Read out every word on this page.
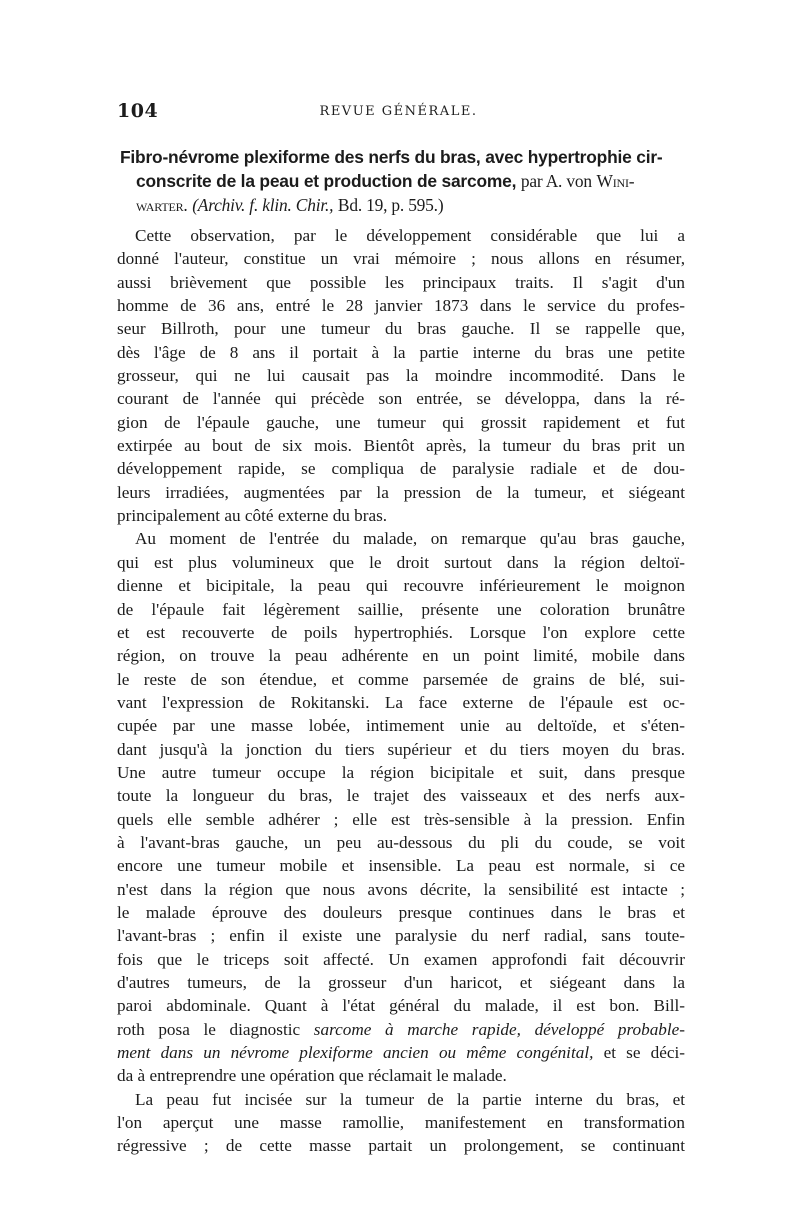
104	REVUE GÉNÉRALE.
Fibro-névrome plexiforme des nerfs du bras, avec hypertrophie cir-
conscrite de la peau et production de sarcome, par A. von Wini-
warter. (Archiv. f. klin. Chir., Bd. 19, p. 595.)
Cette observation, par le développement considérable que lui a
donné l'auteur, constitue un vrai mémoire ; nous allons en résumer,
aussi brièvement que possible les principaux traits. Il s'agit d'un
homme de 36 ans, entré le 28 janvier 1873 dans le service du profes-
seur Billroth, pour une tumeur du bras gauche. Il se rappelle que,
dès l'âge de 8 ans il portait à la partie interne du bras une petite
grosseur, qui ne lui causait pas la moindre incommodité. Dans le
courant de l'année qui précède son entrée, se développa, dans la ré-
gion de l'épaule gauche, une tumeur qui grossit rapidement et fut
extirpée au bout de six mois. Bientôt après, la tumeur du bras prit un
développement rapide, se compliqua de paralysie radiale et de dou-
leurs irradiées, augmentées par la pression de la tumeur, et siégeant
principalement au côté externe du bras.
Au moment de l'entrée du malade, on remarque qu'au bras gauche,
qui est plus volumineux que le droit surtout dans la région deltoï-
dienne et bicipitale, la peau qui recouvre inférieurement le moignon
de l'épaule fait légèrement saillie, présente une coloration brunâtre
et est recouverte de poils hypertrophiés. Lorsque l'on explore cette
région, on trouve la peau adhérente en un point limité, mobile dans
le reste de son étendue, et comme parsemée de grains de blé, sui-
vant l'expression de Rokitanski. La face externe de l'épaule est oc-
cupée par une masse lobée, intimement unie au deltoïde, et s'éten-
dant jusqu'à la jonction du tiers supérieur et du tiers moyen du bras.
Une autre tumeur occupe la région bicipitale et suit, dans presque
toute la longueur du bras, le trajet des vaisseaux et des nerfs aux-
quels elle semble adhérer ; elle est très-sensible à la pression. Enfin
à l'avant-bras gauche, un peu au-dessous du pli du coude, se voit
encore une tumeur mobile et insensible. La peau est normale, si ce
n'est dans la région que nous avons décrite, la sensibilité est intacte ;
le malade éprouve des douleurs presque continues dans le bras et
l'avant-bras ; enfin il existe une paralysie du nerf radial, sans toute-
fois que le triceps soit affecté. Un examen approfondi fait découvrir
d'autres tumeurs, de la grosseur d'un haricot, et siégeant dans la
paroi abdominale. Quant à l'état général du malade, il est bon. Bill-
roth posa le diagnostic sarcome à marche rapide, développé probable-
ment dans un névrome plexiforme ancien ou même congénital, et se déci-
da à entreprendre une opération que réclamait le malade.
La peau fut incisée sur la tumeur de la partie interne du bras, et
l'on aperçut une masse ramollie, manifestement en transformation
régressive ; de cette masse partait un prolongement, se continuant
